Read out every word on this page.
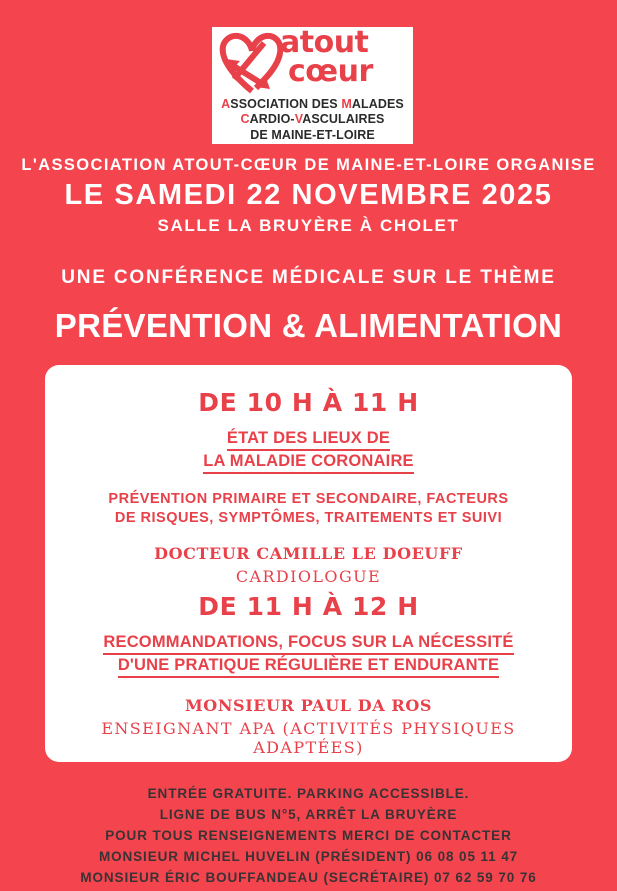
atout
cœur
ASSOCIATION DES MALADES
CARDIO-VASCULAIRES
DE MAINE-ET-LOIRE
L'ASSOCIATION ATOUT-CŒUR DE MAINE-ET-LOIRE ORGANISE
LE SAMEDI 22 NOVEMBRE 2025
SALLE LA BRUYÈRE À CHOLET
UNE CONFÉRENCE MÉDICALE SUR LE THÈME
PRÉVENTION & ALIMENTATION
DE 10 H À 11 H
ÉTAT DES LIEUX DE
LA MALADIE CORONAIRE
PRÉVENTION PRIMAIRE ET SECONDAIRE, FACTEURS
DE RISQUES, SYMPTÔMES, TRAITEMENTS ET SUIVI
DOCTEUR CAMILLE LE DOEUFF
CARDIOLOGUE
DE 11 H À 12 H
RECOMMANDATIONS, FOCUS SUR LA NÉCESSITÉ
D'UNE PRATIQUE RÉGULIÈRE ET ENDURANTE
MONSIEUR PAUL DA ROS
ENSEIGNANT APA (ACTIVITÉS PHYSIQUES ADAPTÉES)
ENTRÉE GRATUITE. PARKING ACCESSIBLE.
LIGNE DE BUS N°5, ARRÊT LA BRUYÈRE
POUR TOUS RENSEIGNEMENTS MERCI DE CONTACTER
MONSIEUR MICHEL HUVELIN (PRÉSIDENT) 06 08 05 11 47
MONSIEUR ÉRIC BOUFFANDEAU (SECRÉTAIRE) 07 62 59 70 76
